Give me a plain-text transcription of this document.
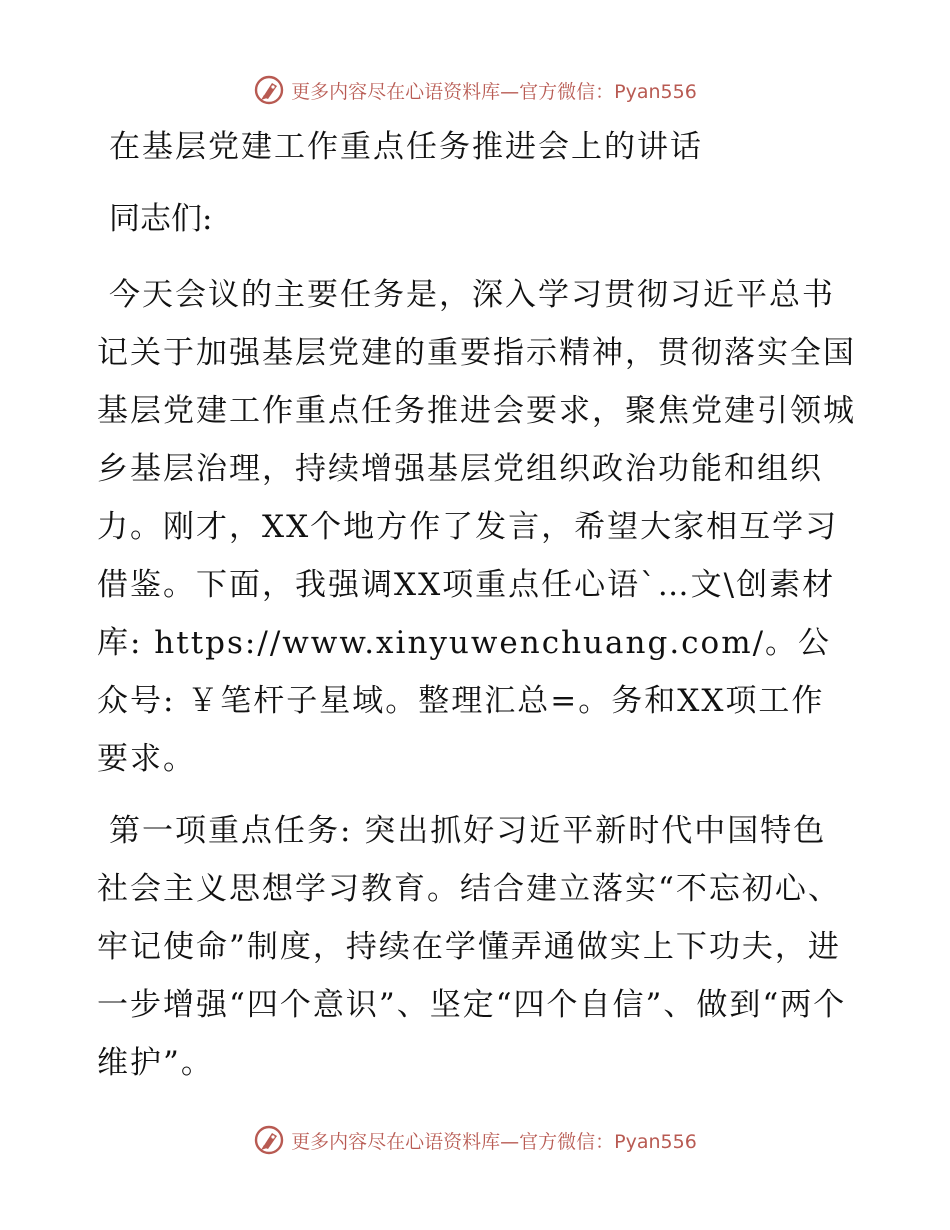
更多内容尽在心语资料库—官方微信：Pyan556
在基层党建工作重点任务推进会上的讲话
同志们:

今天会议的主要任务是，深入学习贯彻习近平总书记关于加强基层党建的重要指示精神，贯彻落实全国基层党建工作重点任务推进会要求，聚焦党建引领城乡基层治理，持续增强基层党组织政治功能和组织力。刚才，XX个地方作了发言，希望大家相互学习借鉴。下面，我强调XX项重点任心语`…文\创素材库: https://www.xinyuwenchuang.com/。公众号: ￥笔杆子星域。整理汇总=。务和XX项工作要求。

第一项重点任务: 突出抓好习近平新时代中国特色社会主义思想学习教育。结合建立落实“不忘初心、牢记使命”制度，持续在学懂弄通做实上下功夫，进一步增强“四个意识”、坚定“四个自信”、做到“两个维护”。

更多内容尽在心语资料库—官方微信：Pyan556
